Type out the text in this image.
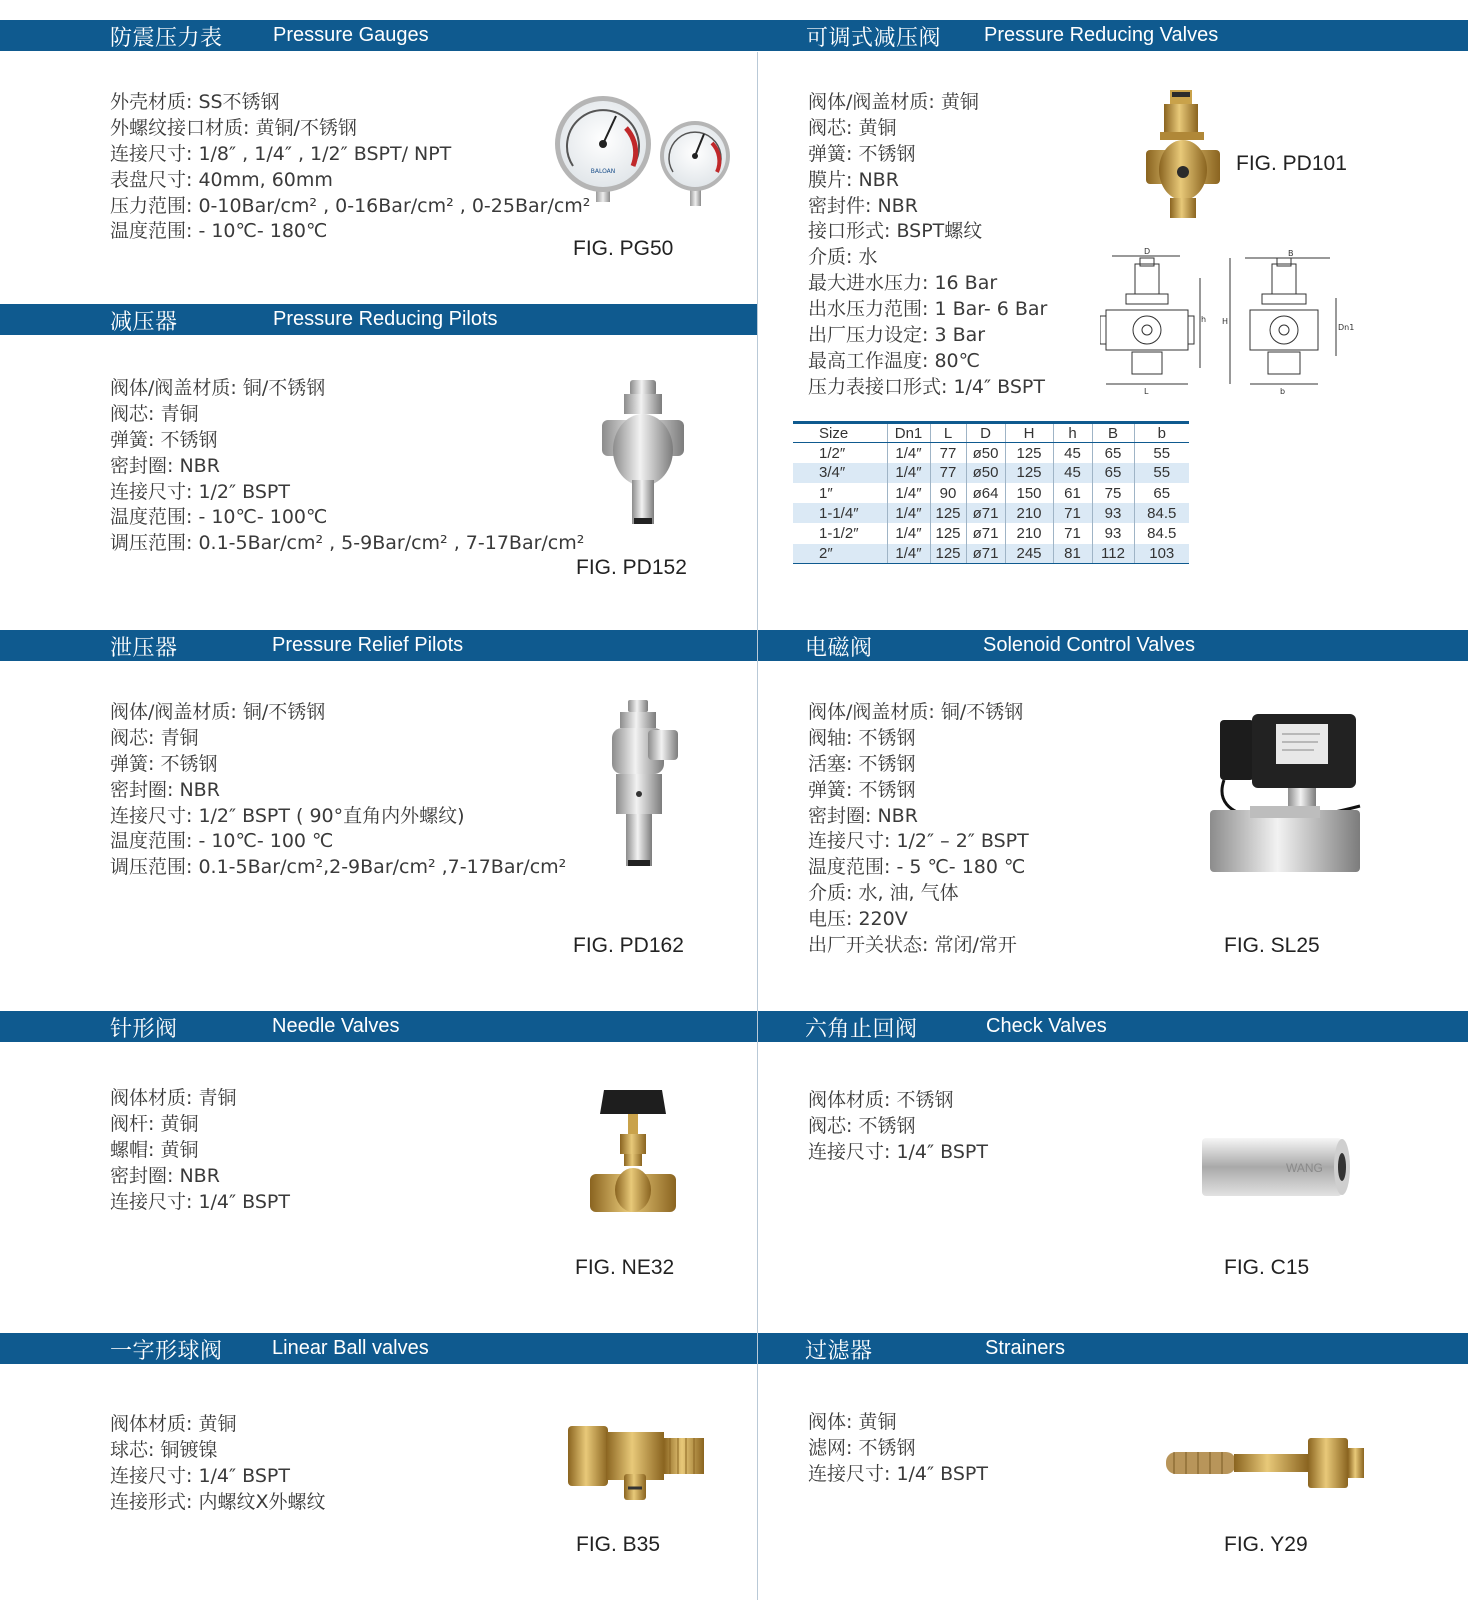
防震压力表	Pressure Gauges	可调式减压阀 Pressure Reducing Valves
减压器	Pressure Reducing Pilots
泄压器	Pressure Relief Pilots	电磁阀	Solenoid Control Valves
针形阀	Needle Valves	六角止回阀	Check Valves
一字形球阀 Linear Ball valves	过滤器	Strainers
外壳材质: SS不锈钢
外螺纹接口材质: 黄铜/不锈钢
连接尺寸: 1/8″ , 1/4″ , 1/2″ BSPT/ NPT
表盘尺寸: 40mm, 60mm
压力范围: 0-10Bar/cm² , 0-16Bar/cm² , 0-25Bar/cm²
温度范围: - 10℃- 180℃
阀体/阀盖材质: 黄铜
阀芯: 黄铜
弹簧: 不锈钢
膜片: NBR
密封件: NBR
接口形式: BSPT螺纹
介质: 水
最大进水压力: 16 Bar
出水压力范围: 1 Bar- 6 Bar
出厂压力设定: 3 Bar
最高工作温度: 80℃
压力表接口形式: 1/4″ BSPT
阀体/阀盖材质: 铜/不锈钢
阀芯: 青铜
弹簧: 不锈钢
密封圈: NBR
连接尺寸: 1/2″ BSPT
温度范围: - 10℃- 100℃
调压范围: 0.1-5Bar/cm² , 5-9Bar/cm² , 7-17Bar/cm²
阀体/阀盖材质: 铜/不锈钢
阀芯: 青铜
弹簧: 不锈钢
密封圈: NBR
连接尺寸: 1/2″ BSPT ( 90°直角内外螺纹)
温度范围: - 10℃- 100 ℃
调压范围: 0.1-5Bar/cm²,2-9Bar/cm² ,7-17Bar/cm²
阀体/阀盖材质: 铜/不锈钢
阀轴: 不锈钢
活塞: 不锈钢
弹簧: 不锈钢
密封圈: NBR
连接尺寸: 1/2″ – 2″ BSPT
温度范围: - 5 ℃- 180 ℃
介质: 水, 油, 气体
电压: 220V
出厂开关状态: 常闭/常开
阀体材质: 青铜
阀杆: 黄铜
螺帽: 黄铜
密封圈: NBR
连接尺寸: 1/4″ BSPT
阀体材质: 不锈钢
阀芯: 不锈钢
连接尺寸: 1/4″ BSPT
阀体材质: 黄铜
球芯: 铜镀镍
连接尺寸: 1/4″ BSPT
连接形式: 内螺纹X外螺纹
阀体: 黄铜
滤网: 不锈钢
连接尺寸: 1/4″ BSPT
FIG. PG50
FIG. PD101
FIG. PD152
FIG. PD162	FIG. SL25
FIG. NE32	FIG. C15
FIG. B35	FIG. Y29
BALOAN
D
L
h H
B
b
Dn1
Size	Dn1	L	D	H	h	B	b
1/2″	1/4″	77	ø50	125	45	65	55
3/4″	1/4″	77	ø50	125	45	65	55
1″	1/4″	90	ø64	150	61	75	65
1-1/4″	1/4″	125	ø71	210	71	93	84.5
1-1/2″	1/4″	125	ø71	210	71	93	84.5
2″	1/4″	125	ø71	245	81	112	103
WANG
